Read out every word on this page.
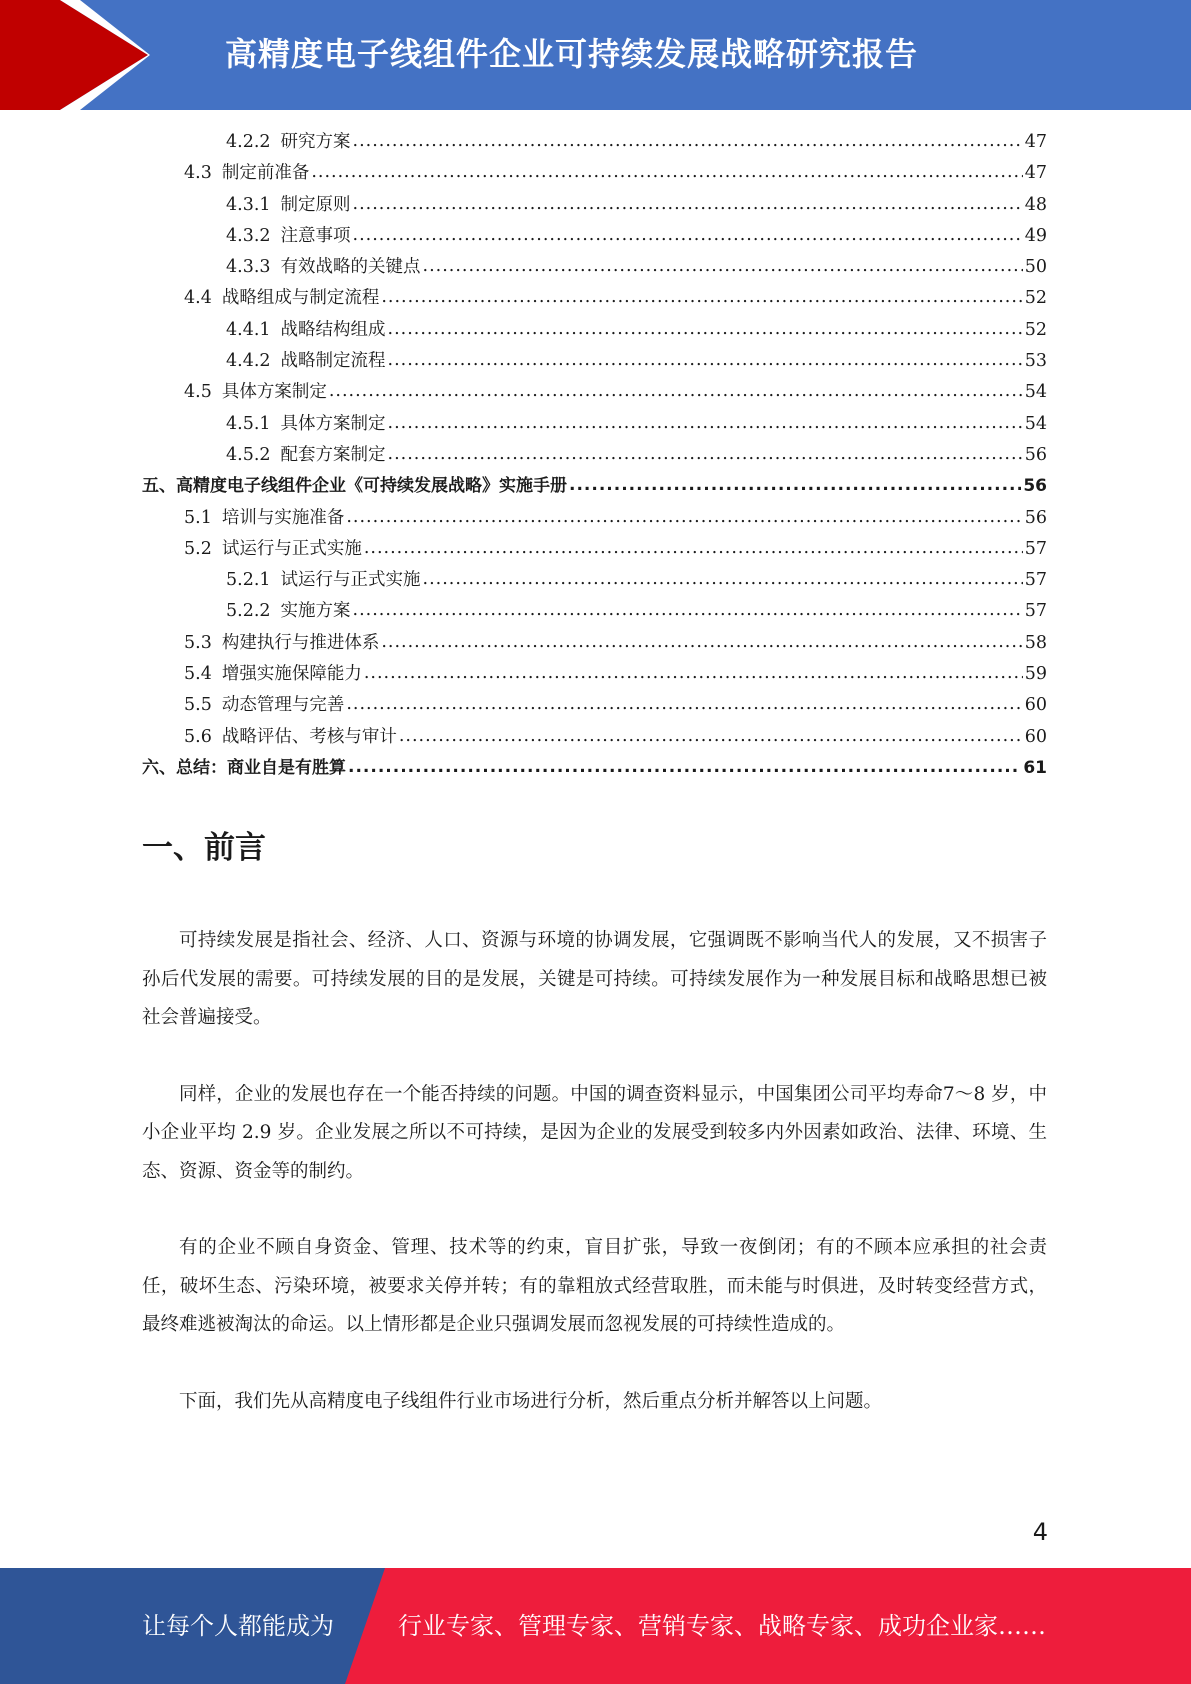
高精度电子线组件企业可持续发展战略研究报告
4.2.2 研究方案 .....	47
4.3 制定前准备 .....	47
4.3.1 制定原则 .....	48
4.3.2 注意事项 .....	49
4.3.3 有效战略的关键点 .....	50
4.4 战略组成与制定流程 .....	52
4.4.1 战略结构组成 .....	52
4.4.2 战略制定流程 .....	53
4.5 具体方案制定 .....	54
4.5.1 具体方案制定 .....	54
4.5.2 配套方案制定 .....	56
五、 高精度电子线组件企业《可持续发展战略》实施手册 .....	56
5.1 培训与实施准备 .....	56
5.2 试运行与正式实施 .....	57
5.2.1 试运行与正式实施 .....	57
5.2.2 实施方案 .....	57
5.3 构建执行与推进体系 .....	58
5.4 增强实施保障能力 .....	59
5.5 动态管理与完善 .....	60
5.6 战略评估、考核与审计 .....	60
六、 总结：商业自是有胜算 .....	61
一、前言

可持续发展是指社会、经济、人口、资源与环境的协调发展，它强调既不影响当代人的发展，又不损害子孙后代发展的需要。可持续发展的目的是发展，关键是可持续。可持续发展作为一种发展目标和战略思想已被社会普遍接受。

同样，企业的发展也存在一个能否持续的问题。中国的调查资料显示，中国集团公司平均寿命7～8 岁，中小企业平均 2.9 岁。企业发展之所以不可持续，是因为企业的发展受到较多内外因素如政治、法律、环境、生态、资源、资金等的制约。

有的企业不顾自身资金、管理、技术等的约束，盲目扩张，导致一夜倒闭；有的不顾本应承担的社会责任，破坏生态、污染环境，被要求关停并转；有的靠粗放式经营取胜，而未能与时俱进，及时转变经营方式，最终难逃被淘汰的命运。以上情形都是企业只强调发展而忽视发展的可持续性造成的。

下面，我们先从高精度电子线组件行业市场进行分析，然后重点分析并解答以上问题。

4
让每个人都能成为	行业专家、管理专家、营销专家、战略专家、成功企业家……
